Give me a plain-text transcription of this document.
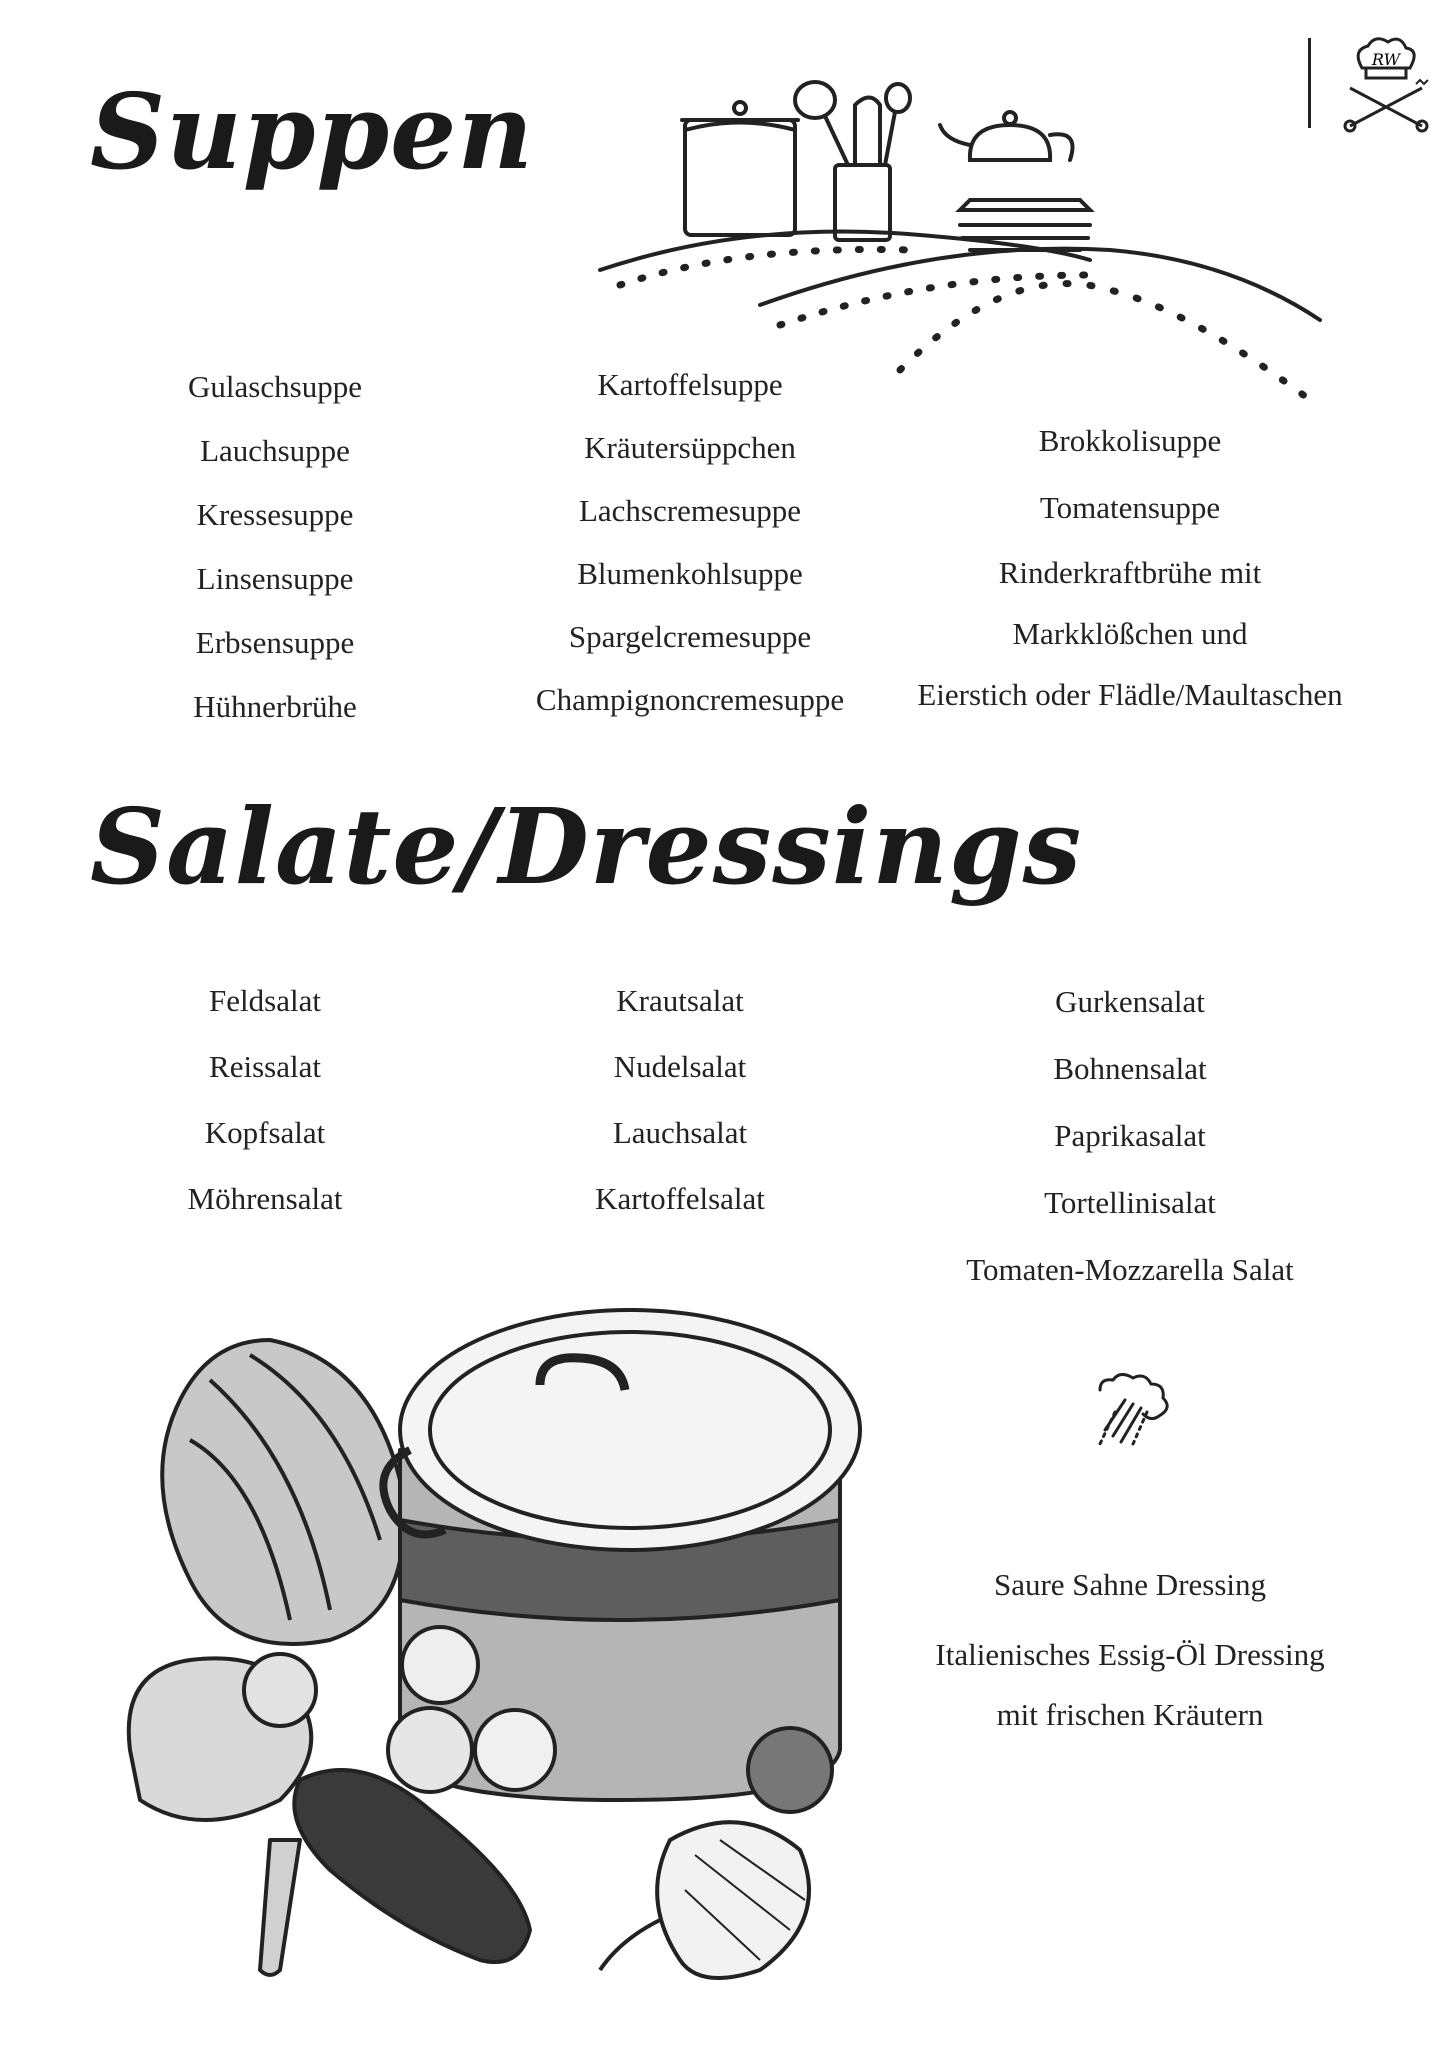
Suppen
Salate/Dressings
RW
Gulaschsuppe
Lauchsuppe
Kressesuppe
Linsensuppe
Erbsensuppe
Hühnerbrühe
Kartoffelsuppe
Kräutersüppchen
Lachscremesuppe
Blumenkohlsuppe
Spargelcremesuppe
Champignoncremesuppe
Brokkolisuppe
Tomatensuppe
Rinderkraftbrühe mit
Markklößchen und
Eierstich oder Flädle/Maultaschen
Feldsalat
Reissalat
Kopfsalat
Möhrensalat
Krautsalat
Nudelsalat
Lauchsalat
Kartoffelsalat
Gurkensalat
Bohnensalat
Paprikasalat
Tortellinisalat
Tomaten-Mozzarella Salat
Saure Sahne Dressing
Italienisches Essig-Öl Dressing
mit frischen Kräutern
